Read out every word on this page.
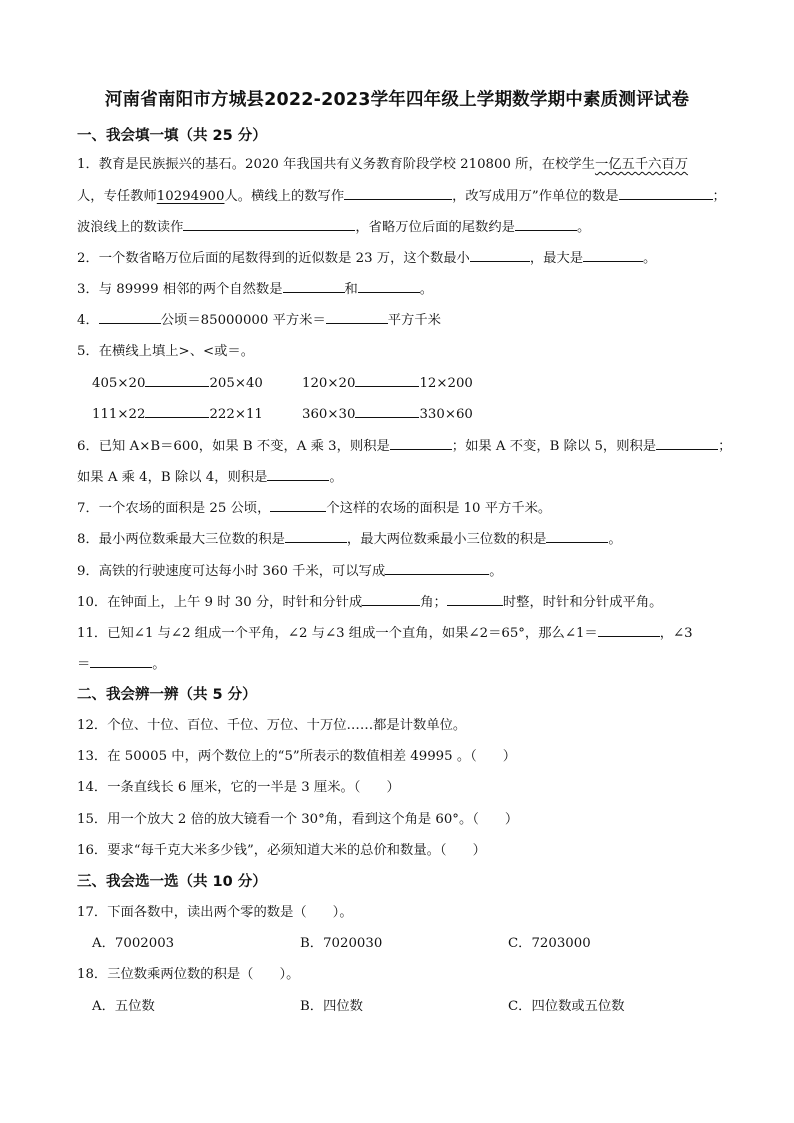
河南省南阳市方城县2022-2023学年四年级上学期数学期中素质测评试卷
一、我会填一填（共 25 分）
1．教育是民族振兴的基石。2020 年我国共有义务教育阶段学校 210800 所，在校学生一亿五千六百万
人，专任教师10294900人。横线上的数写作	，改写成用万”作单位的数是	；
波浪线上的数读作	，省略万位后面的尾数约是	。
2．一个数省略万位后面的尾数得到的近似数是 23 万，这个数最小	，最大是	。
3．与 89999 相邻的两个自然数是	和	。
4．	公顷＝85000000 平方米＝	平方千米
5．在横线上填上>、<或＝。
405×20	205×40	120×20	12×200
111×22	222×11	360×30	330×60
6．已知 A×B＝600，如果 B 不变，A 乘 3，则积是	；如果 A 不变，B 除以 5，则积是	；
如果 A 乘 4，B 除以 4，则积是	。
7．一个农场的面积是 25 公顷，	个这样的农场的面积是 10 平方千米。
8．最小两位数乘最大三位数的积是	，最大两位数乘最小三位数的积是	。
9．高铁的行驶速度可达每小时 360 千米，可以写成	。
10．在钟面上，上午 9 时 30 分，时针和分针成	角；	时整，时针和分针成平角。
11．已知∠1 与∠2 组成一个平角，∠2 与∠3 组成一个直角，如果∠2＝65°，那么∠1＝	，∠3
＝	。
二、我会辨一辨（共 5 分）
12．个位、十位、百位、千位、万位、十万位……都是计数单位。
13．在 50005 中，两个数位上的“5”所表示的数值相差 49995 。（ ）
14．一条直线长 6 厘米，它的一半是 3 厘米。（ ）
15．用一个放大 2 倍的放大镜看一个 30°角，看到这个角是 60°。（ ）
16．要求“每千克大米多少钱”，必须知道大米的总价和数量。（ ）
三、我会选一选（共 10 分）
17．下面各数中，读出两个零的数是（ ）。
A．7002003	B．7020030	C．7203000
18．三位数乘两位数的积是（ ）。
A．五位数	B．四位数	C．四位数或五位数
